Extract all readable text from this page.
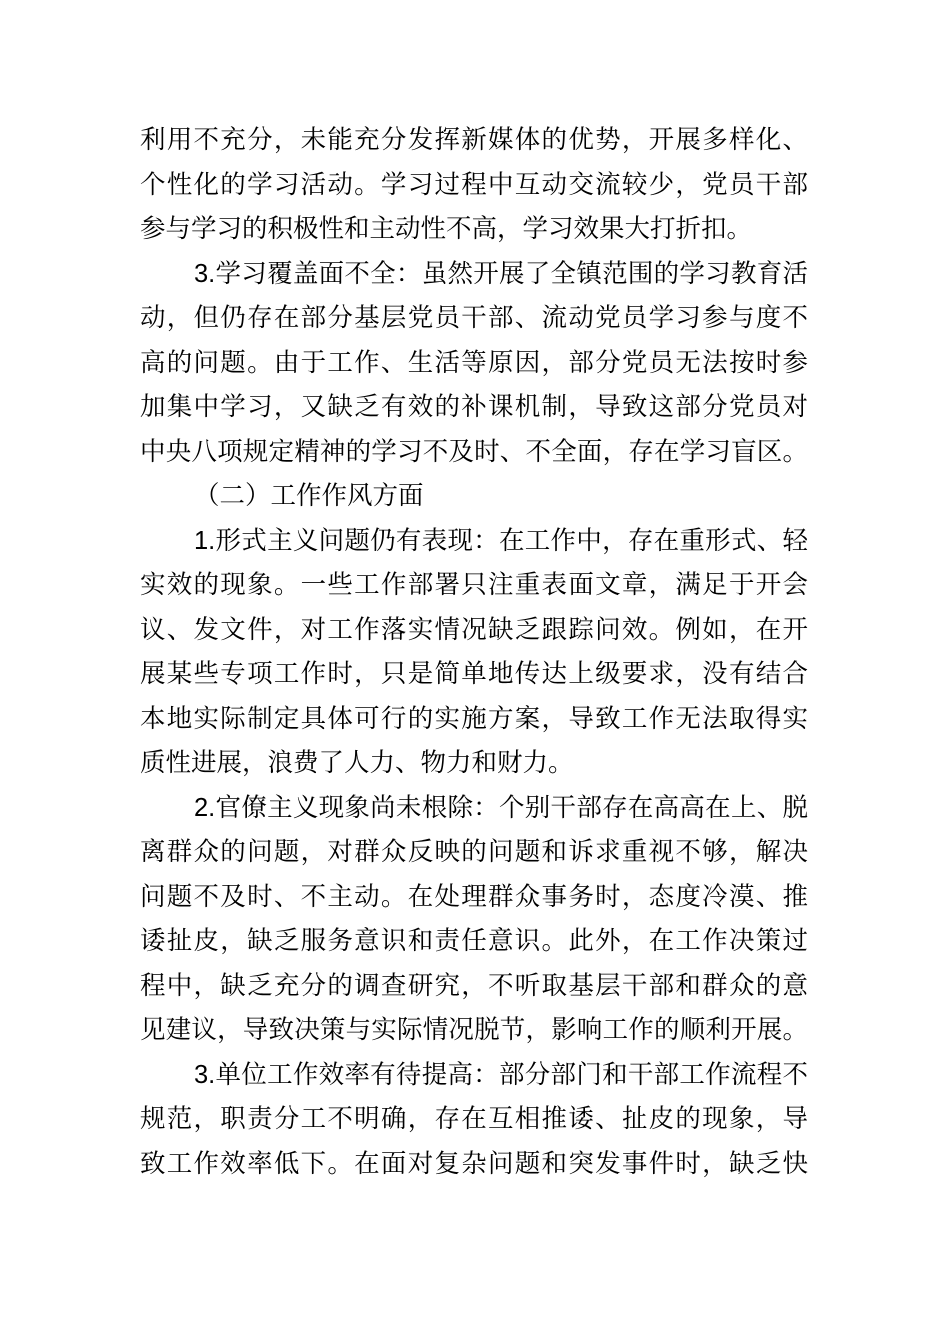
利用不充分，未能充分发挥新媒体的优势，开展多样化、
个性化的学习活动。学习过程中互动交流较少，党员干部
参与学习的积极性和主动性不高，学习效果大打折扣。
3.学习覆盖面不全：虽然开展了全镇范围的学习教育活
动，但仍存在部分基层党员干部、流动党员学习参与度不
高的问题。由于工作、生活等原因，部分党员无法按时参
加集中学习，又缺乏有效的补课机制，导致这部分党员对
中央八项规定精神的学习不及时、不全面，存在学习盲区。
（二）工作作风方面
1.形式主义问题仍有表现：在工作中，存在重形式、轻
实效的现象。一些工作部署只注重表面文章，满足于开会
议、发文件，对工作落实情况缺乏跟踪问效。例如，在开
展某些专项工作时，只是简单地传达上级要求，没有结合
本地实际制定具体可行的实施方案，导致工作无法取得实
质性进展，浪费了人力、物力和财力。
2.官僚主义现象尚未根除：个别干部存在高高在上、脱
离群众的问题，对群众反映的问题和诉求重视不够，解决
问题不及时、不主动。在处理群众事务时，态度冷漠、推
诿扯皮，缺乏服务意识和责任意识。此外，在工作决策过
程中，缺乏充分的调查研究，不听取基层干部和群众的意
见建议，导致决策与实际情况脱节，影响工作的顺利开展。
3.单位工作效率有待提高：部分部门和干部工作流程不
规范，职责分工不明确，存在互相推诿、扯皮的现象，导
致工作效率低下。在面对复杂问题和突发事件时，缺乏快
